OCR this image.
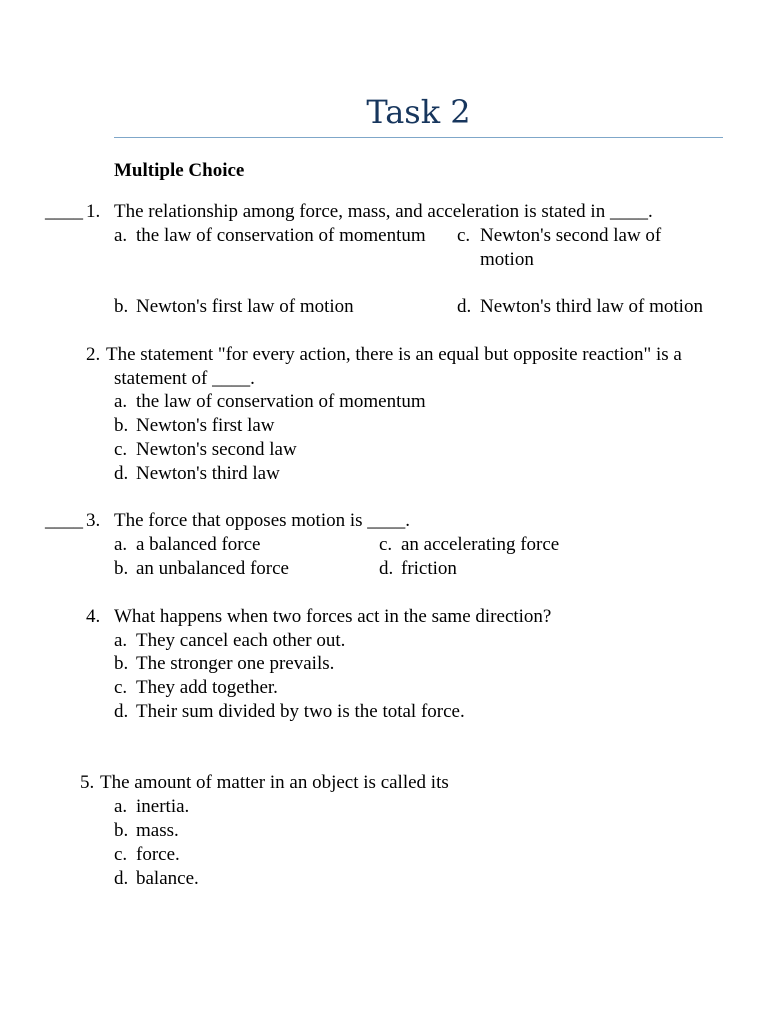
Task 2
Multiple Choice
____ 1. The relationship among force, mass, and acceleration is stated in ____.
a. the law of conservation of momentum c. Newton's second law of motion
b. Newton's first law of motion	d. Newton's third law of motion
2. The statement "for every action, there is an equal but opposite reaction" is a
statement of ____.
a. the law of conservation of momentum
b. Newton's first law
c. Newton's second law
d. Newton's third law
____ 3. The force that opposes motion is ____.
a. a balanced force	c. an accelerating force
b. an unbalanced force	d. friction
4. What happens when two forces act in the same direction?
a. They cancel each other out.
b. The stronger one prevails.
c. They add together.
d. Their sum divided by two is the total force.
5. The amount of matter in an object is called its
a. inertia.
b. mass.
c. force.
d. balance.
